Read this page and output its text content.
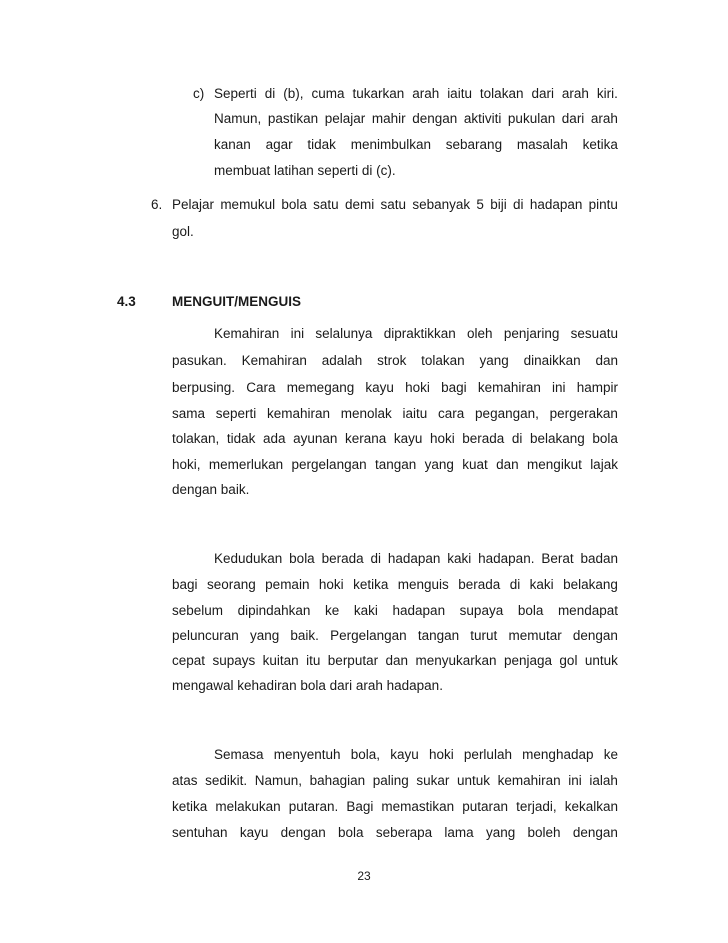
c) Seperti di (b), cuma tukarkan arah iaitu tolakan dari arah kiri.
Namun, pastikan pelajar mahir dengan aktiviti pukulan dari arah
kanan agar tidak menimbulkan sebarang masalah ketika
membuat latihan seperti di (c).
6. Pelajar memukul bola satu demi satu sebanyak 5 biji di hadapan pintu
gol.
4.3	MENGUIT/MENGUIS
Kemahiran ini selalunya dipraktikkan oleh penjaring sesuatu
pasukan. Kemahiran adalah strok tolakan yang dinaikkan dan
berpusing. Cara memegang kayu hoki bagi kemahiran ini hampir
sama seperti kemahiran menolak iaitu cara pegangan, pergerakan
tolakan, tidak ada ayunan kerana kayu hoki berada di belakang bola
hoki, memerlukan pergelangan tangan yang kuat dan mengikut lajak
dengan baik.
Kedudukan bola berada di hadapan kaki hadapan. Berat badan
bagi seorang pemain hoki ketika menguis berada di kaki belakang
sebelum dipindahkan ke kaki hadapan supaya bola mendapat
peluncuran yang baik. Pergelangan tangan turut memutar dengan
cepat supays kuitan itu berputar dan menyukarkan penjaga gol untuk
mengawal kehadiran bola dari arah hadapan.
Semasa menyentuh bola, kayu hoki perlulah menghadap ke
atas sedikit. Namun, bahagian paling sukar untuk kemahiran ini ialah
ketika melakukan putaran. Bagi memastikan putaran terjadi, kekalkan
sentuhan kayu dengan bola seberapa lama yang boleh dengan
23
